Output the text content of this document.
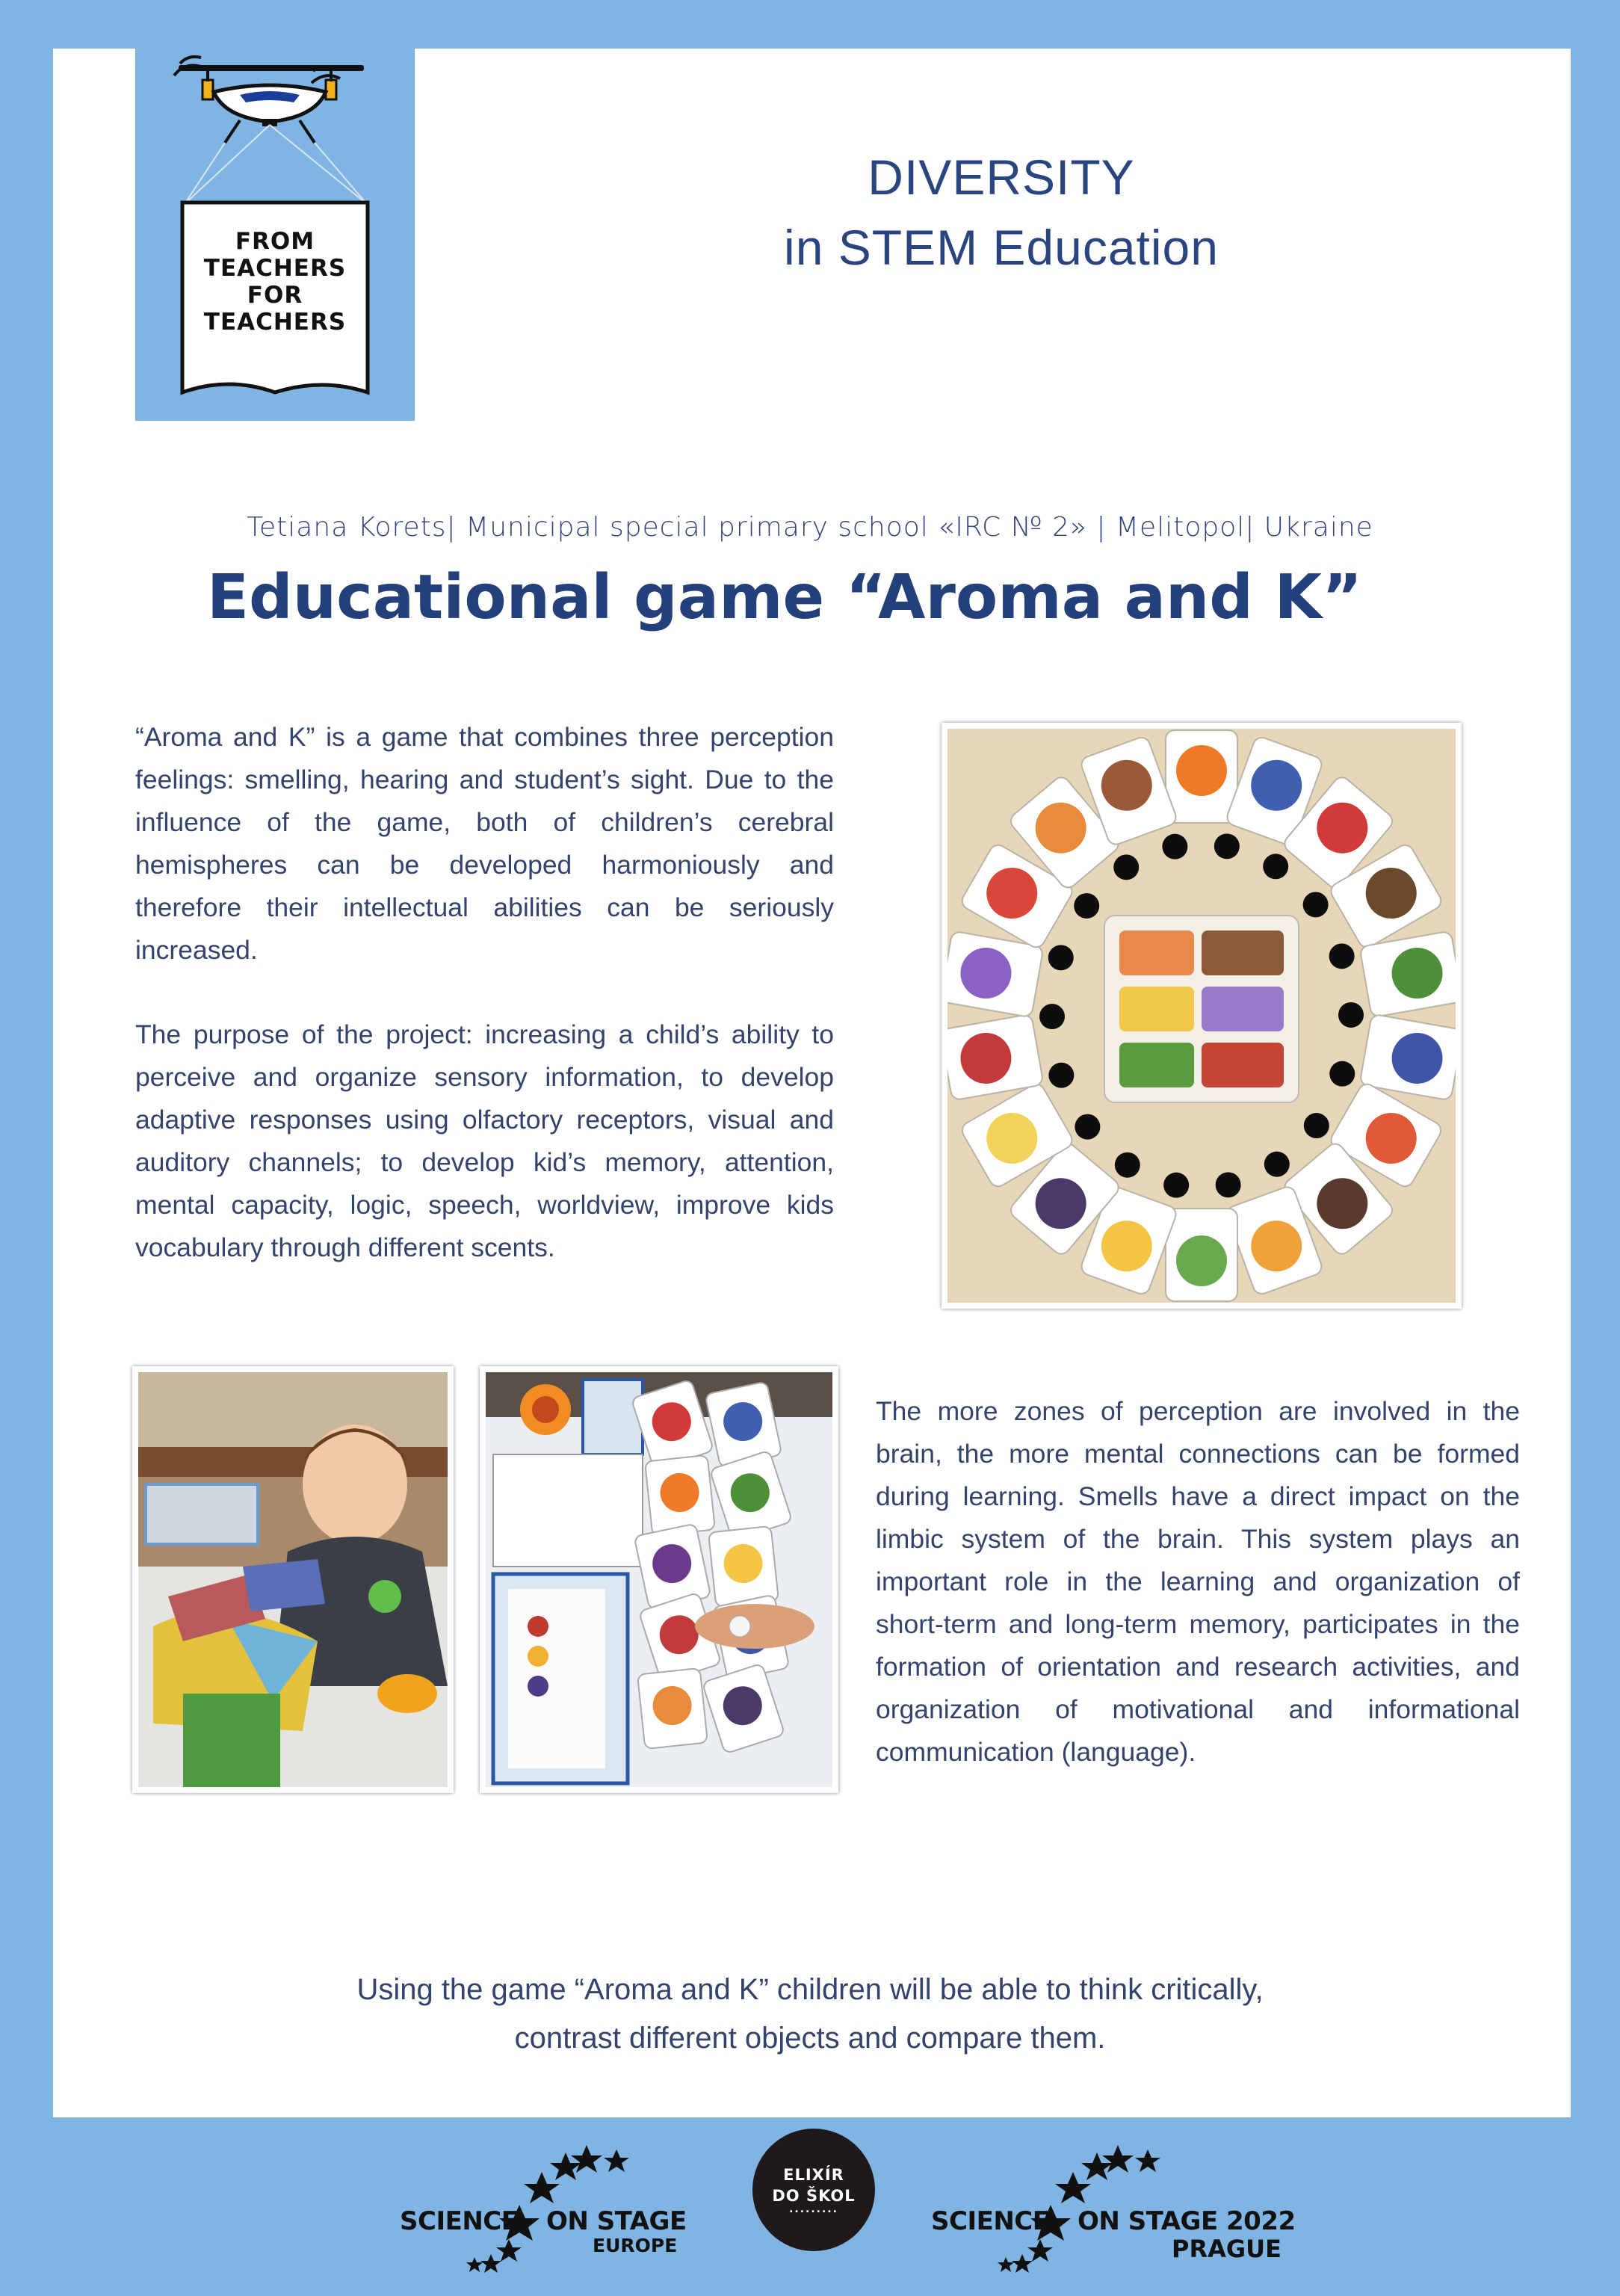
FROM
TEACHERS
FOR
TEACHERS
DIVERSITY
in STEM Education
Tetiana Korets| Municipal special primary school «IRC № 2» | Melitopol| Ukraine
Educational game “Aroma and K”

“Aroma and K” is a game that combines three perception feelings: smelling, hearing and student’s sight. Due to the influence of the game, both of children’s cerebral hemispheres can be developed harmoniously and therefore their intellectual abilities can be seriously increased.

The purpose of the project: increasing a child’s ability to perceive and organize sensory information, to develop adaptive responses using olfactory receptors, visual and auditory channels; to develop kid’s memory, attention, mental capacity, logic, speech, worldview, improve kids vocabulary through different scents.

The more zones of perception are involved in the brain, the more mental connections can be formed during learning. Smells have a direct impact on the limbic system of the brain. This system plays an important role in the learning and organization of short-term and long-term memory, participates in the formation of orientation and research activities, and organization of motivational and informational communication (language).

Using the game “Aroma and K” children will be able to think critically,
contrast different objects and compare them.
SCIENCE ON STAGE
EUROPE
ELIXÍR
DO ŠKOL
.........	SCIENCE ON STAGE 2022
PRAGUE
